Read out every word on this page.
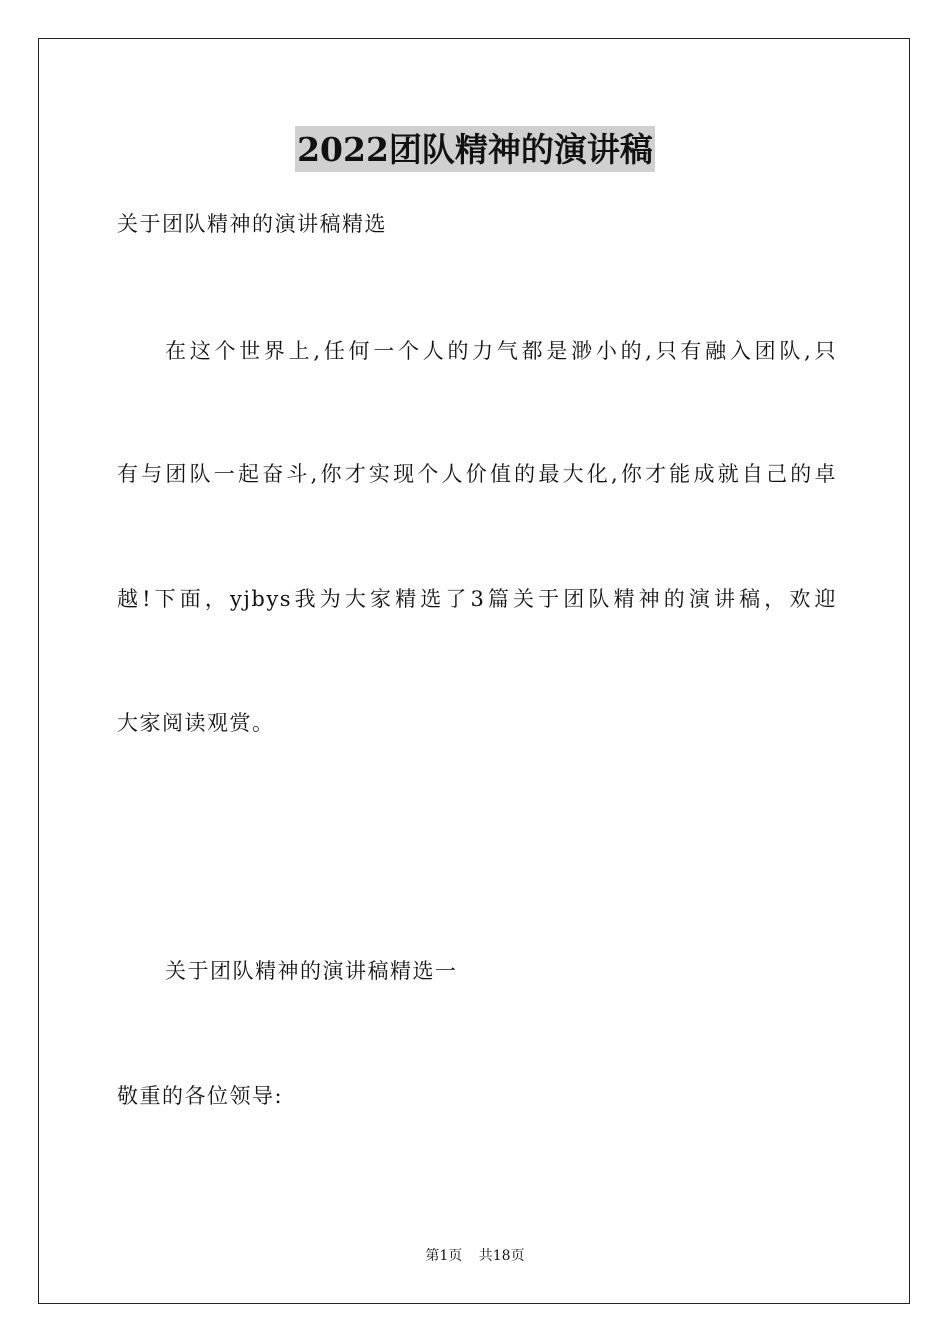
2022团队精神的演讲稿
关于团队精神的演讲稿精选
在这个世界上,任何一个人的力气都是渺小的,只有融入团队,只
有与团队一起奋斗,你才实现个人价值的最大化,你才能成就自己的卓
越!下面，yjbys我为大家精选了3篇关于团队精神的演讲稿，欢迎
大家阅读观赏。
关于团队精神的演讲稿精选一
敬重的各位领导:
第1页 共18页
